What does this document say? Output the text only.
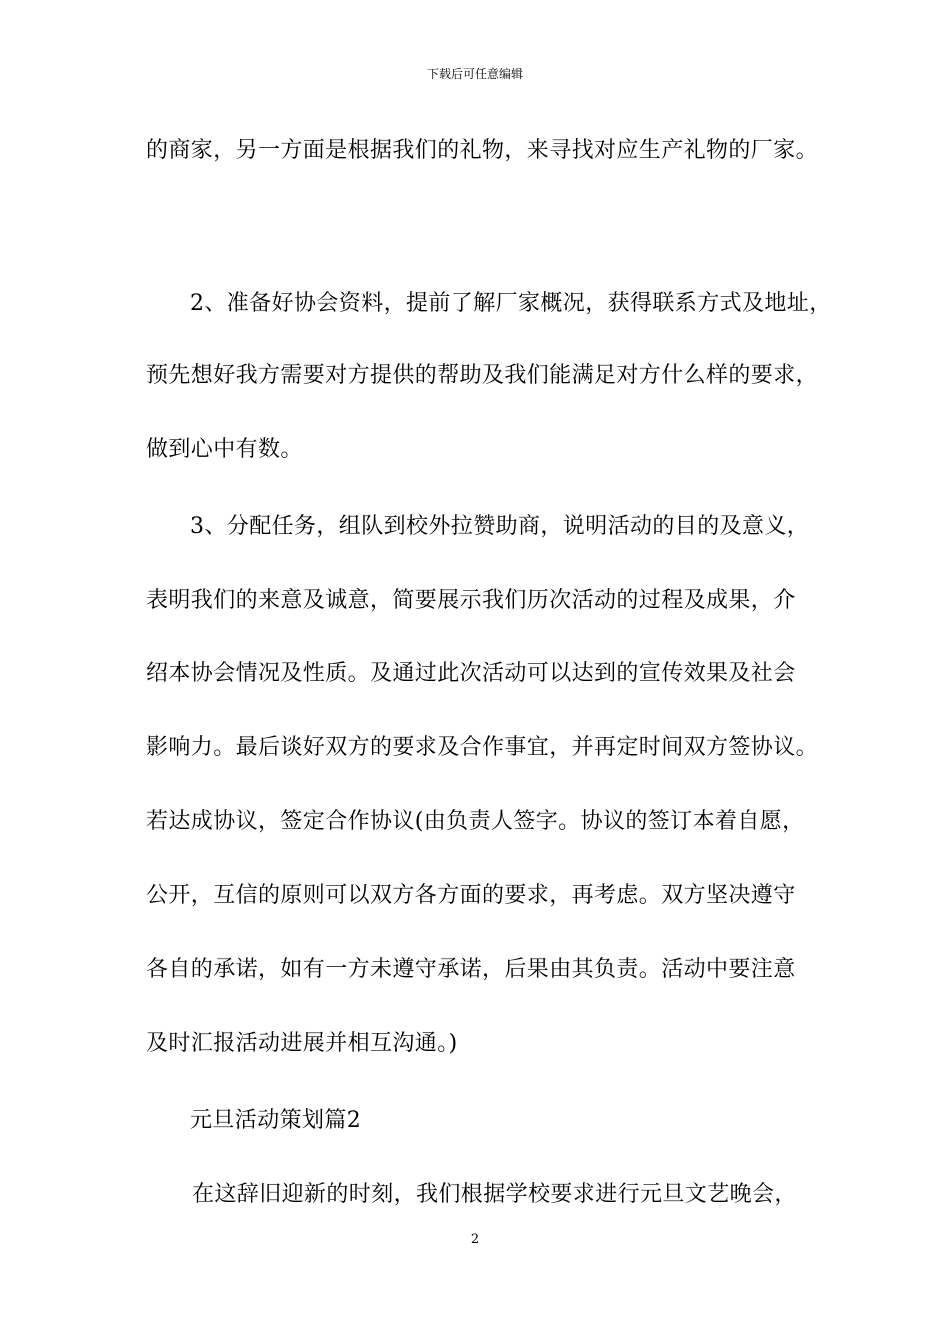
下载后可任意编辑
的商家，另一方面是根据我们的礼物，来寻找对应生产礼物的厂家。
2、准备好协会资料，提前了解厂家概况，获得联系方式及地址，
预先想好我方需要对方提供的帮助及我们能满足对方什么样的要求，
做到心中有数。
3、分配任务，组队到校外拉赞助商，说明活动的目的及意义，
表明我们的来意及诚意，简要展示我们历次活动的过程及成果，介
绍本协会情况及性质。及通过此次活动可以达到的宣传效果及社会
影响力。最后谈好双方的要求及合作事宜，并再定时间双方签协议。
若达成协议，签定合作协议(由负责人签字。协议的签订本着自愿，
公开，互信的原则可以双方各方面的要求，再考虑。双方坚决遵守
各自的承诺，如有一方未遵守承诺，后果由其负责。活动中要注意
及时汇报活动进展并相互沟通。)
元旦活动策划篇2
在这辞旧迎新的时刻，我们根据学校要求进行元旦文艺晚会，
2
